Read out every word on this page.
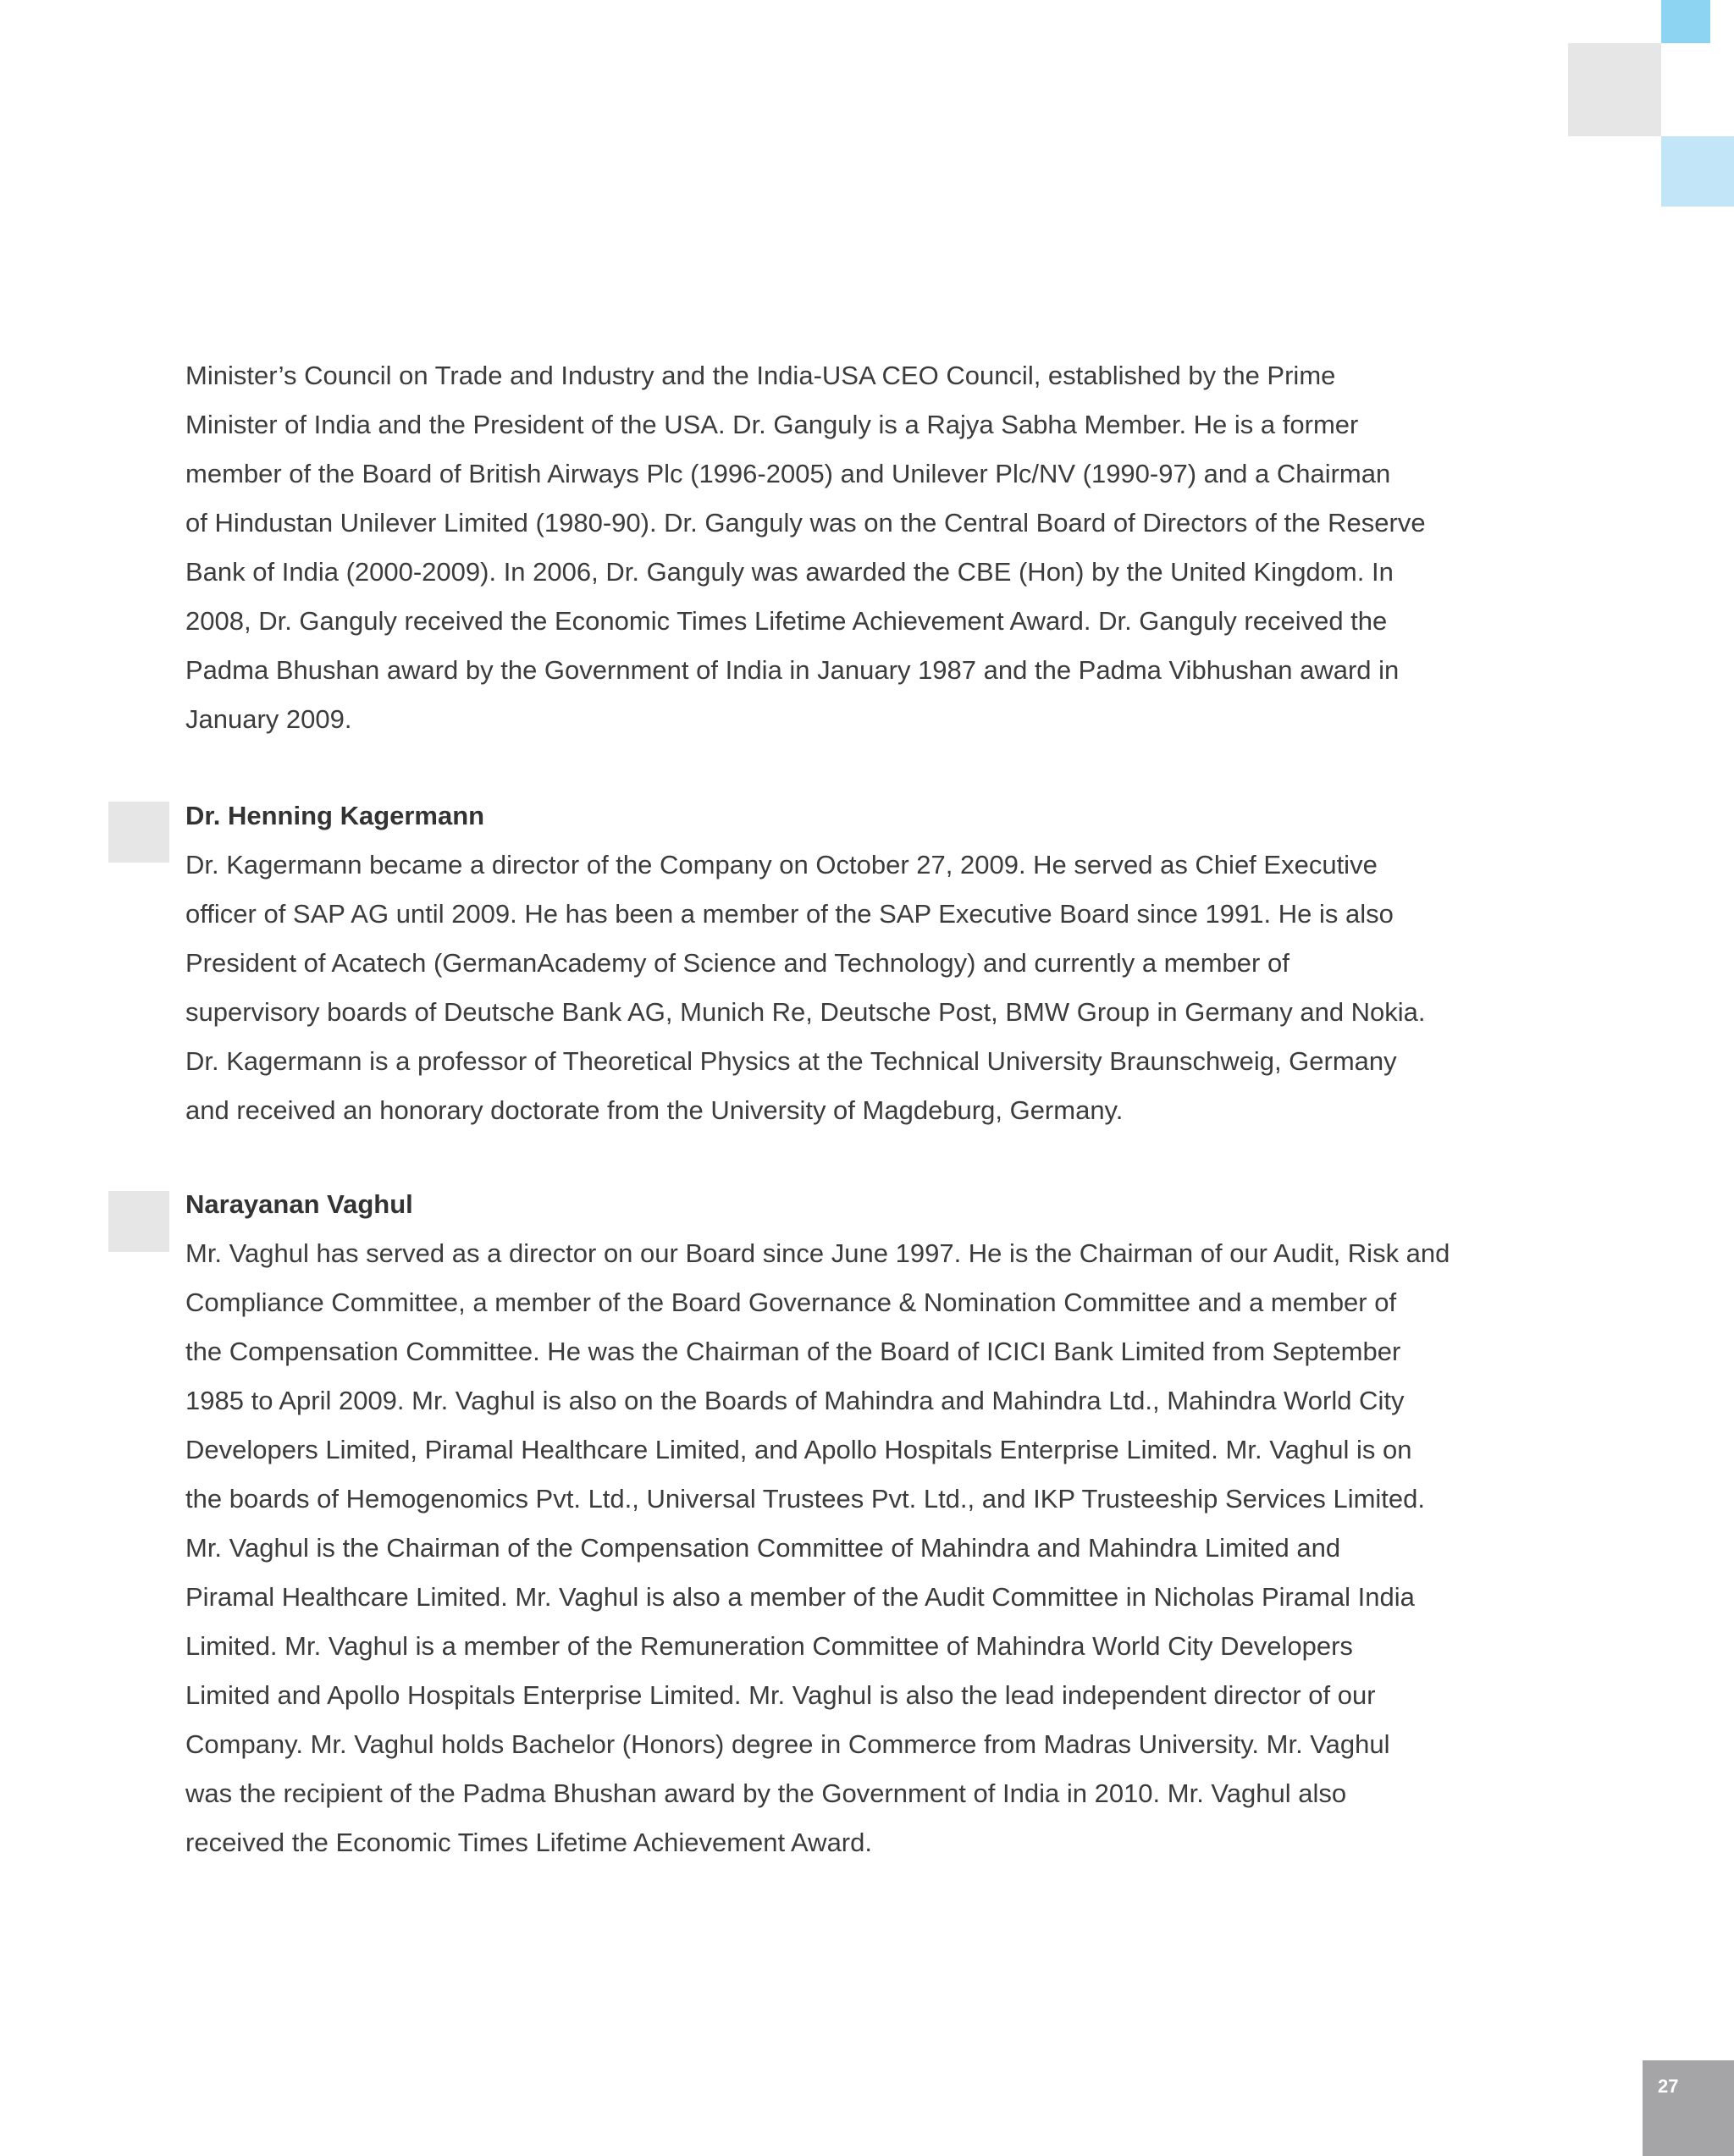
Minister’s Council on Trade and Industry and the India-USA CEO Council, established by the Prime
Minister of India and the President of the USA. Dr. Ganguly is a Rajya Sabha Member. He is a former
member of the Board of British Airways Plc (1996-2005) and Unilever Plc/NV (1990-97) and a Chairman
of Hindustan Unilever Limited (1980-90). Dr. Ganguly was on the Central Board of Directors of the Reserve
Bank of India (2000-2009). In 2006, Dr. Ganguly was awarded the CBE (Hon) by the United Kingdom. In
2008, Dr. Ganguly received the Economic Times Lifetime Achievement Award. Dr. Ganguly received the
Padma Bhushan award by the Government of India in January 1987 and the Padma Vibhushan award in
January 2009.
Dr. Henning Kagermann
Dr. Kagermann became a director of the Company on October 27, 2009. He served as Chief Executive
officer of SAP AG until 2009. He has been a member of the SAP Executive Board since 1991. He is also
President of Acatech (GermanAcademy of Science and Technology) and currently a member of
supervisory boards of Deutsche Bank AG, Munich Re, Deutsche Post, BMW Group in Germany and Nokia.
Dr. Kagermann is a professor of Theoretical Physics at the Technical University Braunschweig, Germany
and received an honorary doctorate from the University of Magdeburg, Germany.
Narayanan Vaghul
Mr. Vaghul has served as a director on our Board since June 1997. He is the Chairman of our Audit, Risk and
Compliance Committee, a member of the Board Governance & Nomination Committee and a member of
the Compensation Committee. He was the Chairman of the Board of ICICI Bank Limited from September
1985 to April 2009. Mr. Vaghul is also on the Boards of Mahindra and Mahindra Ltd., Mahindra World City
Developers Limited, Piramal Healthcare Limited, and Apollo Hospitals Enterprise Limited. Mr. Vaghul is on
the boards of Hemogenomics Pvt. Ltd., Universal Trustees Pvt. Ltd., and IKP Trusteeship Services Limited.
Mr. Vaghul is the Chairman of the Compensation Committee of Mahindra and Mahindra Limited and
Piramal Healthcare Limited. Mr. Vaghul is also a member of the Audit Committee in Nicholas Piramal India
Limited. Mr. Vaghul is a member of the Remuneration Committee of Mahindra World City Developers
Limited and Apollo Hospitals Enterprise Limited. Mr. Vaghul is also the lead independent director of our
Company. Mr. Vaghul holds Bachelor (Honors) degree in Commerce from Madras University. Mr. Vaghul
was the recipient of the Padma Bhushan award by the Government of India in 2010. Mr. Vaghul also
received the Economic Times Lifetime Achievement Award.
27
